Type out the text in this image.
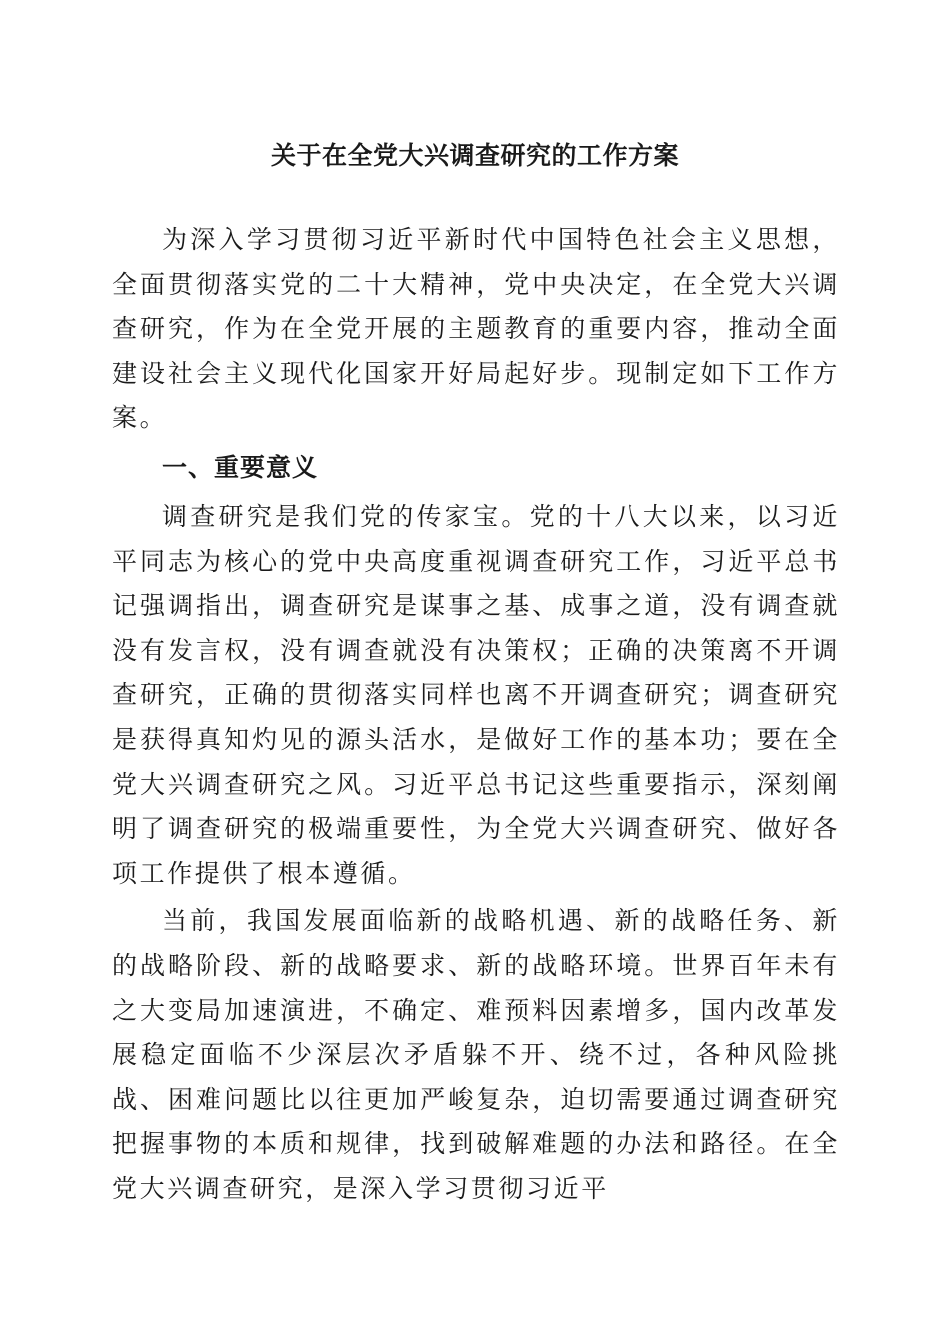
关于在全党大兴调查研究的工作方案

为深入学习贯彻习近平新时代中国特色社会主义思想，全面贯彻落实党的二十大精神，党中央决定，在全党大兴调查研究，作为在全党开展的主题教育的重要内容，推动全面建设社会主义现代化国家开好局起好步。现制定如下工作方案。

一、重要意义

调查研究是我们党的传家宝。党的十八大以来，以习近平同志为核心的党中央高度重视调查研究工作，习近平总书记强调指出，调查研究是谋事之基、成事之道，没有调查就没有发言权，没有调查就没有决策权；正确的决策离不开调查研究，正确的贯彻落实同样也离不开调查研究；调查研究是获得真知灼见的源头活水，是做好工作的基本功；要在全党大兴调查研究之风。习近平总书记这些重要指示，深刻阐明了调查研究的极端重要性，为全党大兴调查研究、做好各项工作提供了根本遵循。

当前，我国发展面临新的战略机遇、新的战略任务、新的战略阶段、新的战略要求、新的战略环境。世界百年未有之大变局加速演进，不确定、难预料因素增多，国内改革发展稳定面临不少深层次矛盾躲不开、绕不过，各种风险挑战、困难问题比以往更加严峻复杂，迫切需要通过调查研究把握事物的本质和规律，找到破解难题的办法和路径。在全党大兴调查研究，是深入学习贯彻习近平
